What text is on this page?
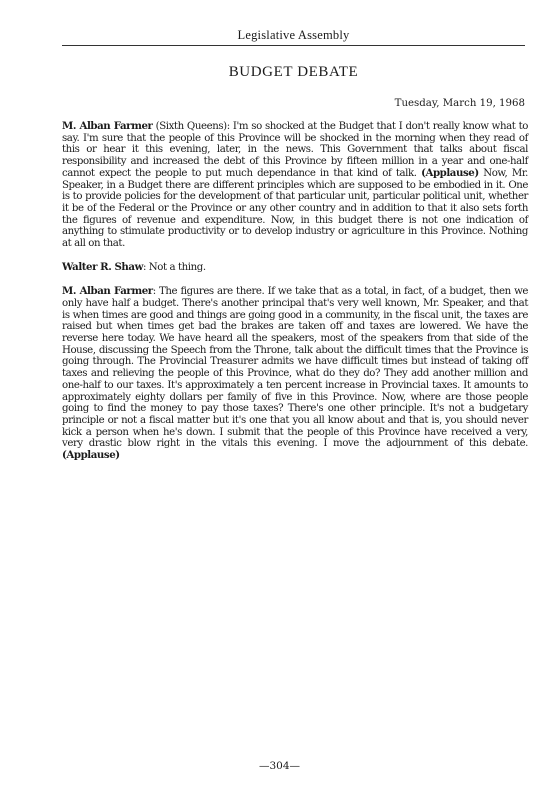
Legislative Assembly
BUDGET DEBATE
Tuesday, March 19, 1968

M. Alban Farmer (Sixth Queens): I'm so shocked at the Budget that I don't really know what to say. I'm sure that the people of this Province will be shocked in the morning when they read of this or hear it this evening, later, in the news. This Government that talks about fiscal responsibility and increased the debt of this Province by fifteen million in a year and one-half cannot expect the people to put much dependance in that kind of talk. (Applause) Now, Mr. Speaker, in a Budget there are different principles which are supposed to be embodied in it. One is to provide policies for the development of that particular unit, particular political unit, whether it be of the Federal or the Province or any other country and in addition to that it also sets forth the figures of revenue and expenditure. Now, in this budget there is not one indication of anything to stimulate productivity or to develop industry or agriculture in this Province. Nothing at all on that.

Walter R. Shaw: Not a thing.

M. Alban Farmer: The figures are there. If we take that as a total, in fact, of a budget, then we only have half a budget. There's another principal that's very well known, Mr. Speaker, and that is when times are good and things are going good in a community, in the fiscal unit, the taxes are raised but when times get bad the brakes are taken off and taxes are lowered. We have the reverse here today. We have heard all the speakers, most of the speakers from that side of the House, discussing the Speech from the Throne, talk about the difficult times that the Province is going through. The Provincial Treasurer admits we have difficult times but instead of taking off taxes and relieving the people of this Province, what do they do? They add another million and one-half to our taxes. It's approximately a ten percent increase in Provincial taxes. It amounts to approximately eighty dollars per family of five in this Province. Now, where are those people going to find the money to pay those taxes? There's one other principle. It's not a budgetary principle or not a fiscal matter but it's one that you all know about and that is, you should never kick a person when he's down. I submit that the people of this Province have received a very, very drastic blow right in the vitals this evening. I move the adjournment of this debate. (Applause)

—304—
